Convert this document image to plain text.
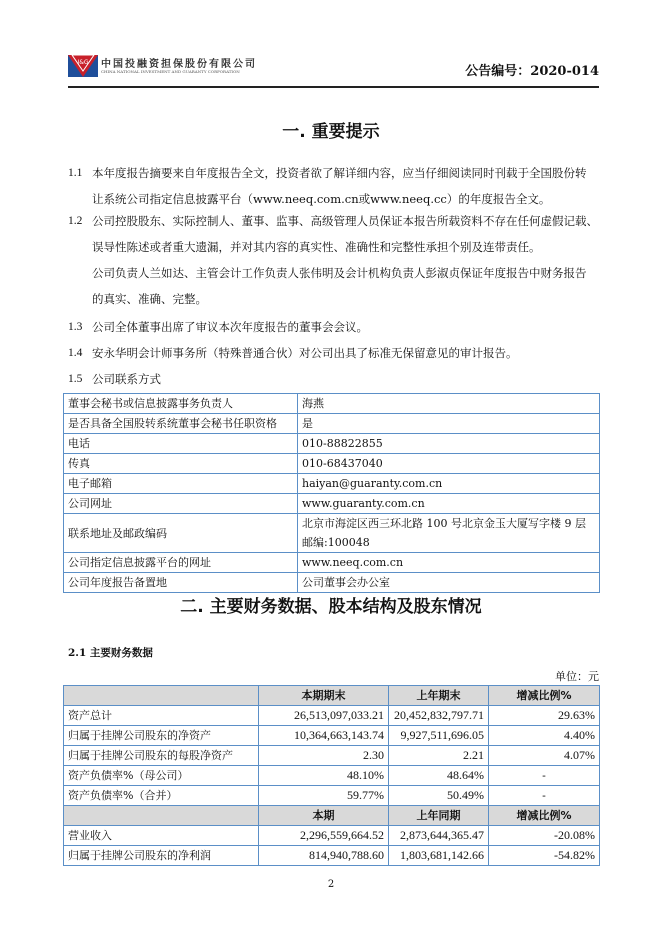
I&G 中国投融资担保股份有限公司
CHINA NATIONAL INVESTMENT AND GUARANTY CORPORATION	公告编号：2020-014
一. 重要提示
1.1 本年度报告摘要来自年度报告全文，投资者欲了解详细内容，应当仔细阅读同时刊载于全国股份转
让系统公司指定信息披露平台（www.neeq.com.cn或www.neeq.cc）的年度报告全文。
1.2 公司控股股东、实际控制人、董事、监事、高级管理人员保证本报告所载资料不存在任何虚假记载、
误导性陈述或者重大遗漏，并对其内容的真实性、准确性和完整性承担个别及连带责任。
公司负责人兰如达、主管会计工作负责人张伟明及会计机构负责人彭淑贞保证年度报告中财务报告
的真实、准确、完整。
1.3 公司全体董事出席了审议本次年度报告的董事会会议。
1.4 安永华明会计师事务所（特殊普通合伙）对公司出具了标准无保留意见的审计报告。
1.5 公司联系方式
董事会秘书或信息披露事务负责人	海燕
是否具备全国股转系统董事会秘书任职资格	是
电话	010-88822855
传真	010-68437040
电子邮箱	haiyan@guaranty.com.cn
公司网址	www.guaranty.com.cn
联系地址及邮政编码	北京市海淀区西三环北路 100 号北京金玉大厦写字楼 9 层 邮编:100048
公司指定信息披露平台的网址	www.neeq.com.cn
公司年度报告备置地	公司董事会办公室
二. 主要财务数据、股本结构及股东情况
2.1 主要财务数据
单位：元
	本期期末	上年期末	增减比例%
资产总计	26,513,097,033.21	20,452,832,797.71	29.63%
归属于挂牌公司股东的净资产	10,364,663,143.74	9,927,511,696.05	4.40%
归属于挂牌公司股东的每股净资产	2.30	2.21	4.07%
资产负债率%（母公司）	48.10%	48.64%	-
资产负债率%（合并）	59.77%	50.49%	-
	本期	上年同期	增减比例%
营业收入	2,296,559,664.52	2,873,644,365.47	-20.08%
归属于挂牌公司股东的净利润	814,940,788.60	1,803,681,142.66	-54.82%
2
